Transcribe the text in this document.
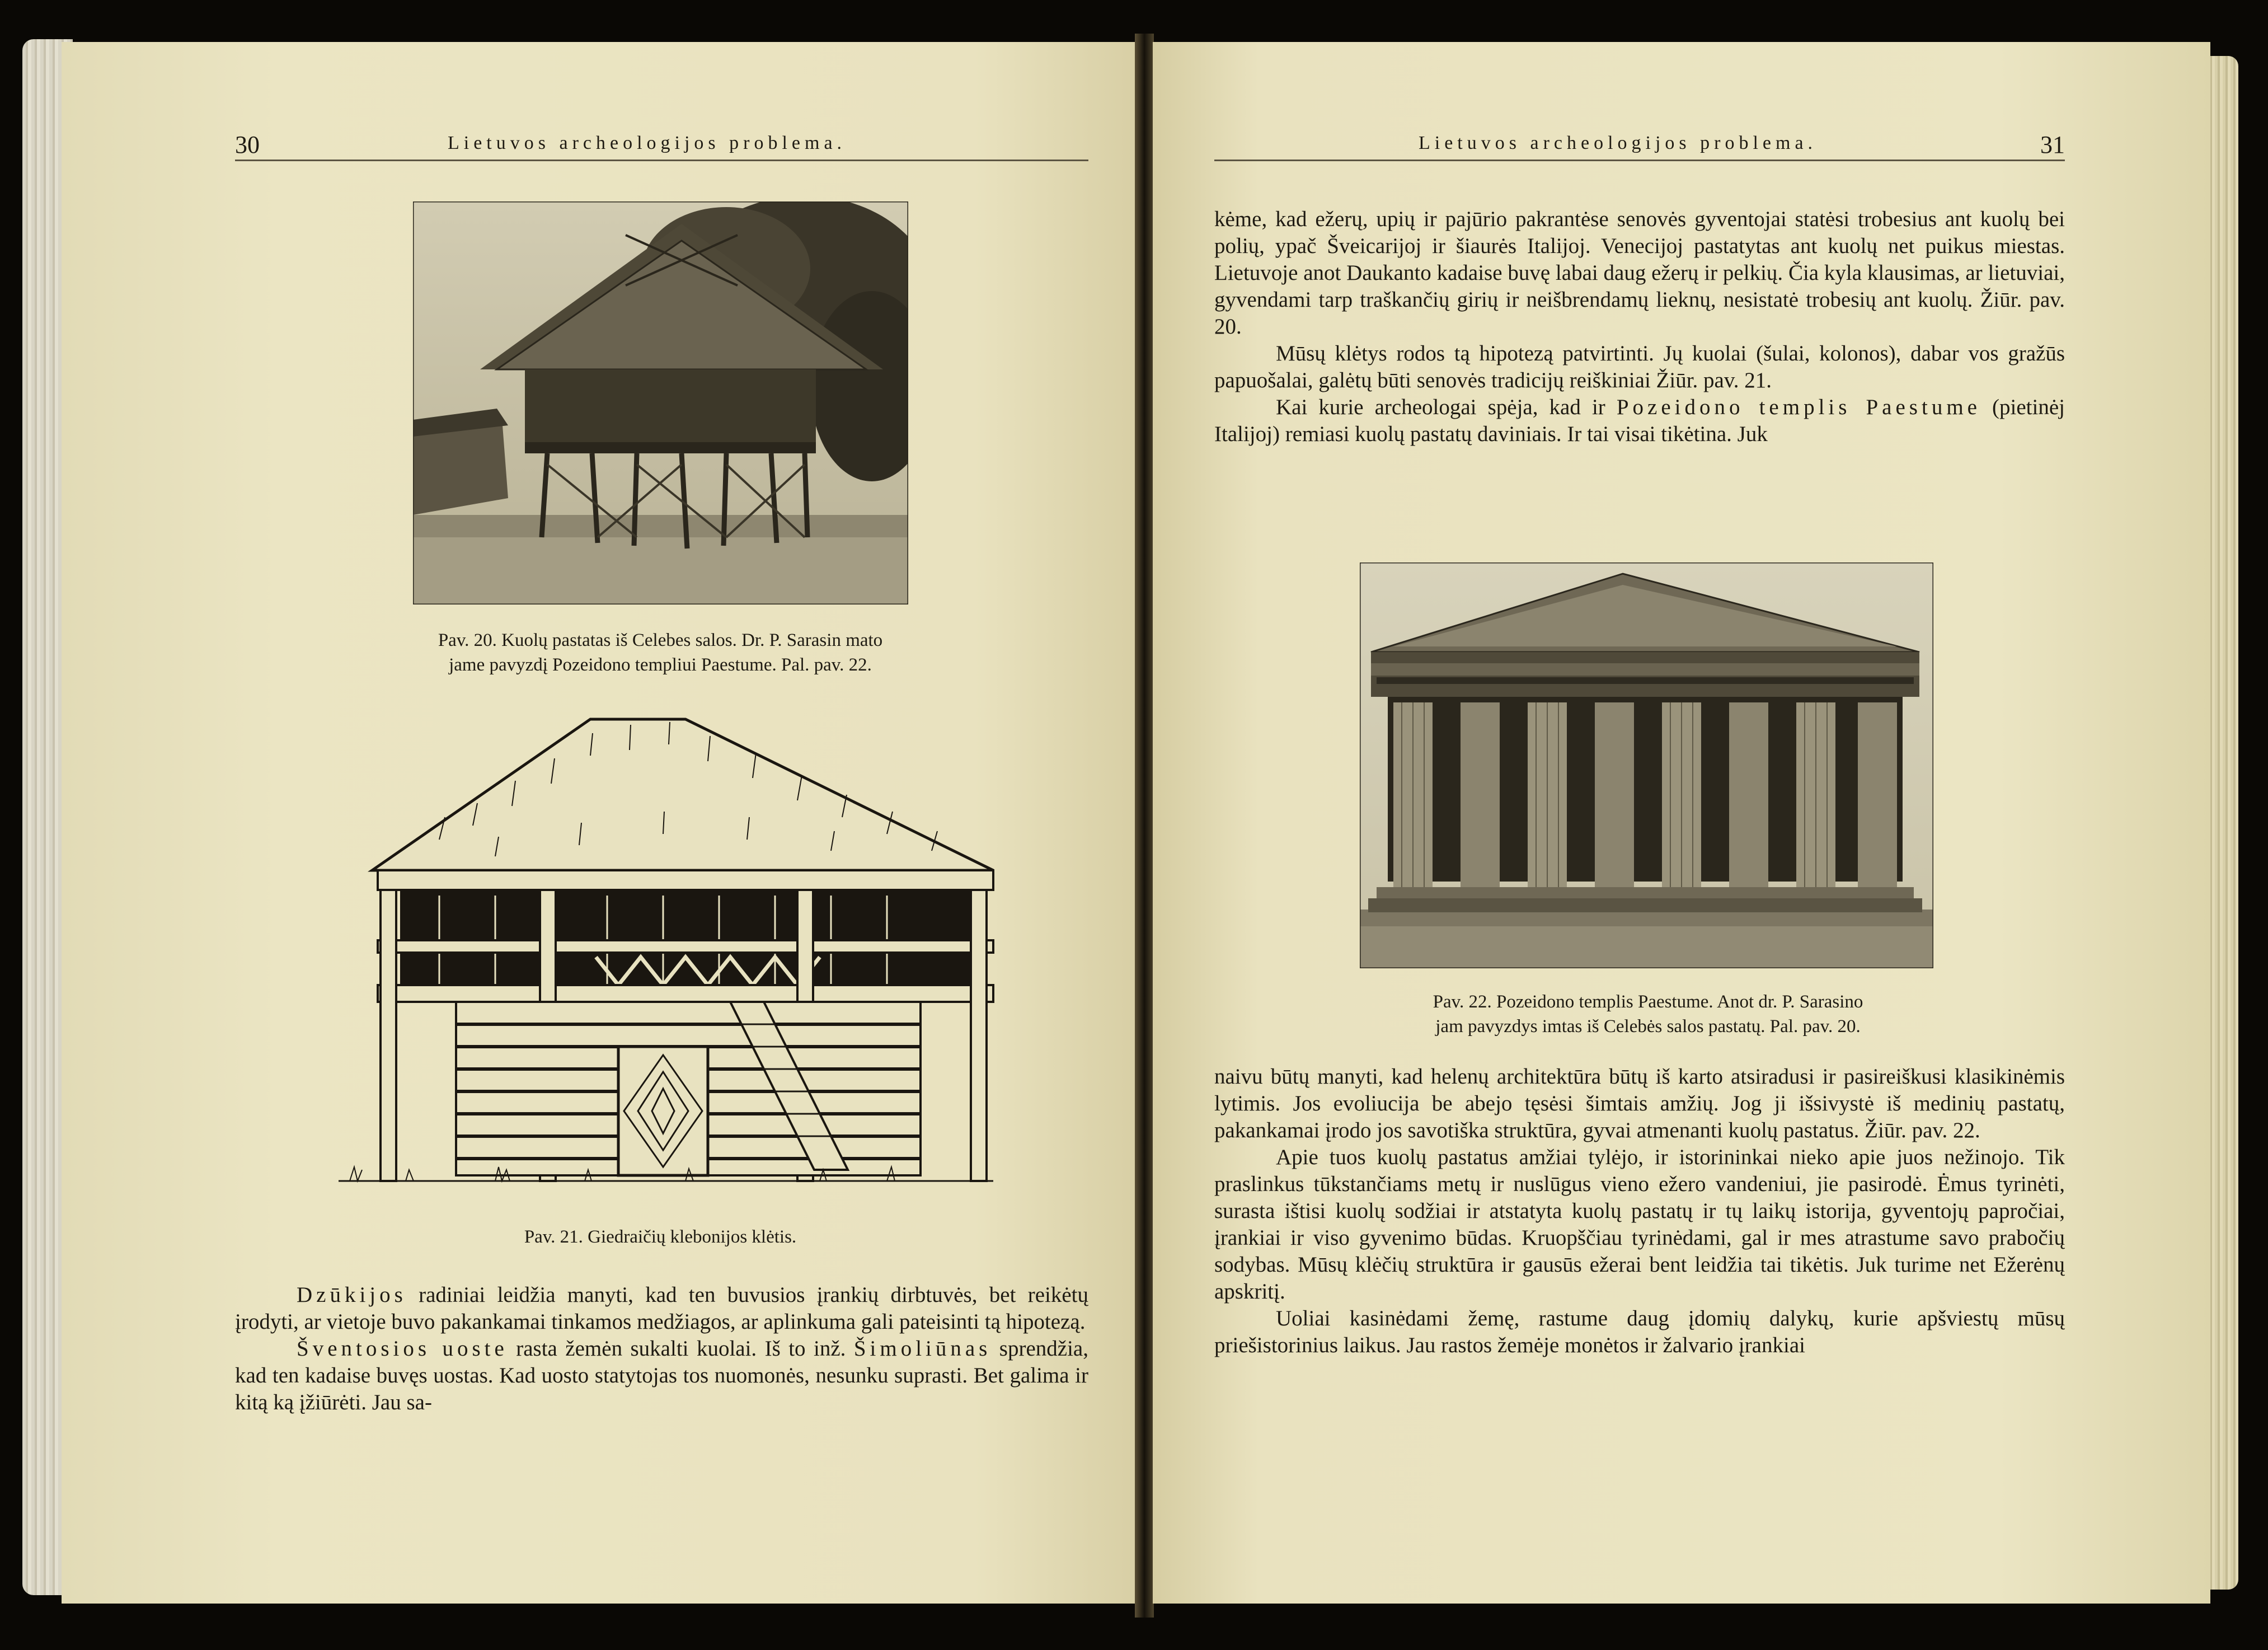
30	Lietuvos archeologijos problema.

Pav. 20. Kuolų pastatas iš Celebes salos. Dr. P. Sarasin mato

jame pavyzdį Pozeidono templiui Paestume. Pal. pav. 22.

Pav. 21. Giedraičių klebonijos klėtis.

Dzūkijos radiniai leidžia manyti, kad ten buvusios įrankių dirbtuvės, bet reikėtų įrodyti, ar vietoje buvo pakankamai tinkamos medžiagos, ar aplinkuma gali pateisinti tą hipotezą.

Šventosios uoste rasta žemėn sukalti kuolai. Iš to inž. Šimoliūnas sprendžia, kad ten kadaise buvęs uostas. Kad uosto statytojas tos nuomonės, nesunku suprasti. Bet galima ir kitą ką įžiūrėti. Jau sa-

Lietuvos archeologijos problema.	31

kėme, kad ežerų, upių ir pajūrio pakrantėse senovės gyventojai statėsi trobesius ant kuolų bei polių, ypač Šveicarijoj ir šiaurės Italijoj. Venecijoj pastatytas ant kuolų net puikus miestas. Lietuvoje anot Daukanto kadaise buvę labai daug ežerų ir pelkių. Čia kyla klausimas, ar lietuviai, gyvendami tarp traškančių girių ir neišbrendamų lieknų, nesistatė trobesių ant kuolų. Žiūr. pav. 20.

Mūsų klėtys rodos tą hipotezą patvirtinti. Jų kuolai (šulai, kolonos), dabar vos gražūs papuošalai, galėtų būti senovės tradicijų reiškiniai Žiūr. pav. 21.

Kai kurie archeologai spėja, kad ir Pozeidono templis Paestume (pietinėj Italijoj) remiasi kuolų pastatų daviniais. Ir tai visai tikėtina. Juk

Pav. 22. Pozeidono templis Paestume. Anot dr. P. Sarasino

jam pavyzdys imtas iš Celebės salos pastatų. Pal. pav. 20.

naivu būtų manyti, kad helenų architektūra būtų iš karto atsiradusi ir pasireiškusi klasikinėmis lytimis. Jos evoliucija be abejo tęsėsi šimtais amžių. Jog ji išsivystė iš medinių pastatų, pakankamai įrodo jos savotiška struktūra, gyvai atmenanti kuolų pastatus. Žiūr. pav. 22.

Apie tuos kuolų pastatus amžiai tylėjo, ir istorininkai nieko apie juos nežinojo. Tik praslinkus tūkstančiams metų ir nuslūgus vieno ežero vandeniui, jie pasirodė. Ėmus tyrinėti, surasta ištisi kuolų sodžiai ir atstatyta kuolų pastatų ir tų laikų istorija, gyventojų papročiai, įrankiai ir viso gyvenimo būdas. Kruopščiau tyrinėdami, gal ir mes atrastume savo prabočių sodybas. Mūsų klėčių struktūra ir gausūs ežerai bent leidžia tai tikėtis. Juk turime net Ežerėnų apskritį.

Uoliai kasinėdami žemę, rastume daug įdomių dalykų, kurie apšviestų mūsų priešistorinius laikus. Jau rastos žemėje monėtos ir žalvario įrankiai
